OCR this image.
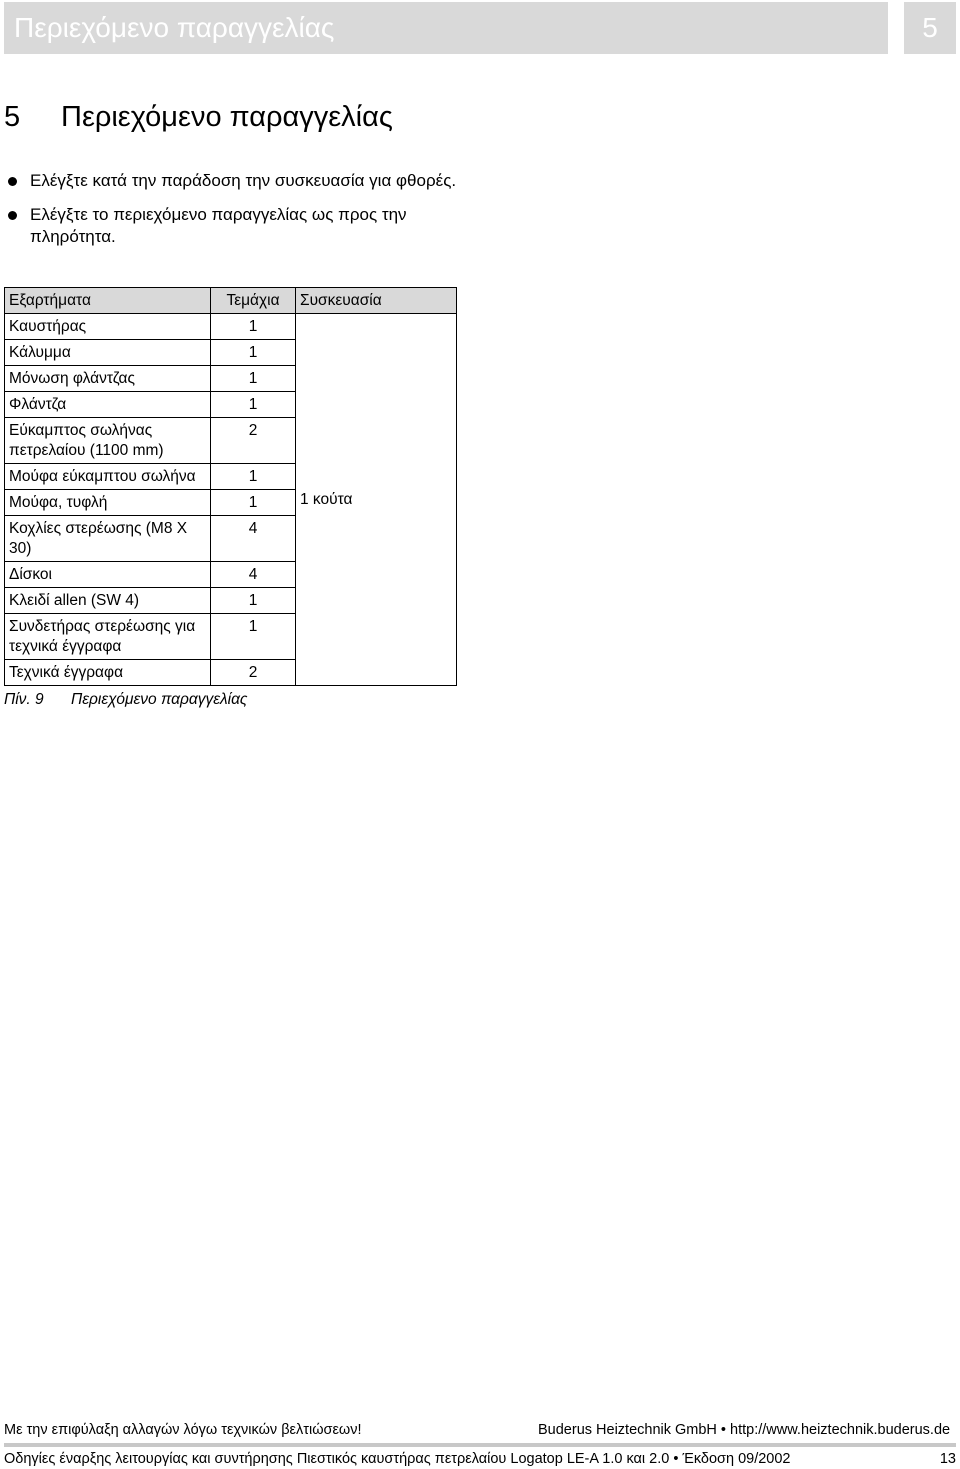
Περιεχόμενο παραγγελίας	5
5 Περιεχόμενο παραγγελίας
Ελέγξτε κατά την παράδοση την συσκευασία για φθορές.
Ελέγξτε το περιεχόμενο παραγγελίας ως προς την πληρότητα.
Εξαρτήματα	Τεμάχια	Συσκευασία
Καυστήρας	1	1 κούτα
Κάλυμμα	1	
Μόνωση φλάντζας	1	
Φλάντζα	1	
Εύκαμπτος σωλήνας πετρελαίου (1100 mm)	2	
Μούφα εύκαμπτου σωλήνα	1	
Μούφα, τυφλή	1	
Κοχλίες στερέωσης (M8 X 30)	4	
Δίσκοι	4	
Κλειδί allen (SW 4)	1	
Συνδετήρας στερέωσης για τεχνικά έγγραφα	1	
Τεχνικά έγγραφα	2	
Πίν. 9 Περιεχόμενο παραγγελίας
Με την επιφύλαξη αλλαγών λόγω τεχνικών βελτιώσεων!	Buderus Heiztechnik GmbH • http://www.heiztechnik.buderus.de
Οδηγίες έναρξης λειτουργίας και συντήρησης Πιεστικός καυστήρας πετρελαίου Logatop LE-A 1.0 και 2.0 • Έκδοση 09/2002	13
